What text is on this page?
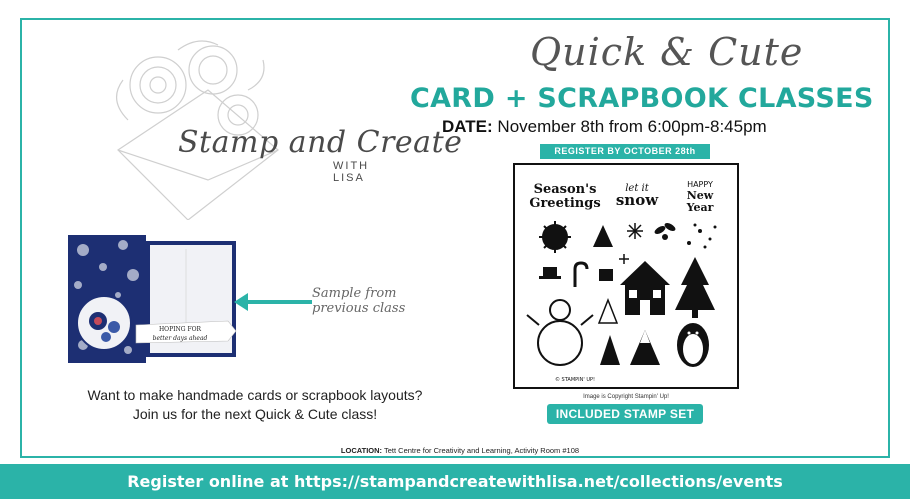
Stamp and Create
WITH LISA
Quick & Cute
CARD + SCRAPBOOK CLASSES
DATE: November 8th from 6:00pm-8:45pm
REGISTER BY OCTOBER 28th
Season's
Greetings snow
let it	HAPPY
New
Year
© STAMPIN' UP!
Image is Copyright Stampin' Up!
INCLUDED STAMP SET
HOPING FOR
better days ahead
Sample from
previous class
Want to make handmade cards or scrapbook layouts?
Join us for the next Quick & Cute class!
LOCATION: Tett Centre for Creativity and Learning, Activity Room #108
Register online at https://stampandcreatewithlisa.net/collections/events
